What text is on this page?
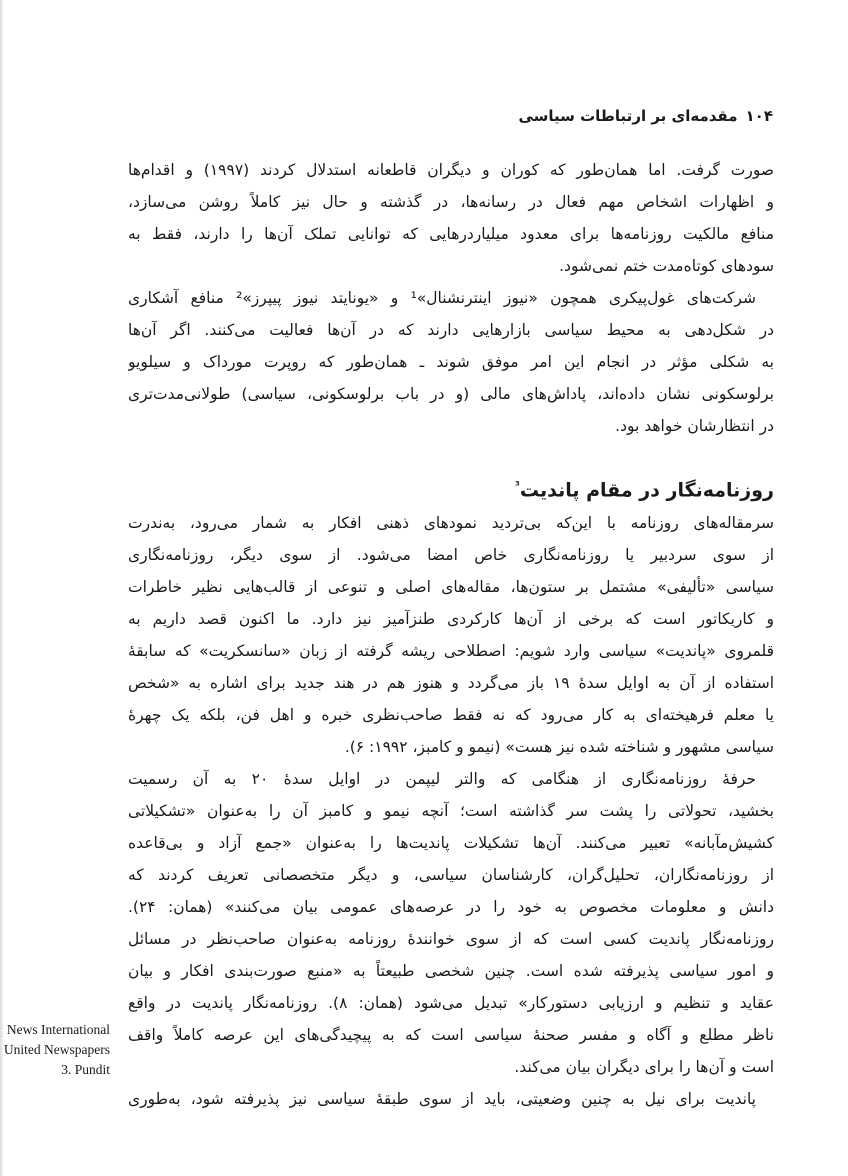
۱۰۴مقدمه‌ای بر ارتباطات سیاسی
صورت گرفت. اما همان‌طور که کوران و دیگران قاطعانه استدلال کردند (۱۹۹۷) و اقدام‌ها
و اظهارات اشخاص مهم فعال در رسانه‌ها، در گذشته و حال نیز کاملاً روشن می‌سازد،
منافع مالکیت روزنامه‌ها برای معدود میلیاردرهایی که توانایی تملک آن‌ها را دارند، فقط به
سودهای کوتاه‌مدت ختم نمی‌شود.
شرکت‌های غول‌پیکری همچون «نیوز اینترنشنال»¹ و «یونایتد نیوز پیپرز»² منافع آشکاری
در شکل‌دهی به محیط سیاسی بازارهایی دارند که در آن‌ها فعالیت می‌کنند. اگر آن‌ها
به شکلی مؤثر در انجام این امر موفق شوند ـ همان‌طور که روپرت مورداک و سیلویو
برلوسکونی نشان داده‌اند، پاداش‌های مالی (و در باب برلوسکونی، سیاسی) طولانی‌مدت‌تری
در انتظارشان خواهد بود.
روزنامه‌نگار در مقام پاندیت$^{^3}$
سرمقاله‌های روزنامه با این‌که بی‌تردید نمودهای ذهنی افکار به شمار می‌رود، به‌ندرت
از سوی سردبیر یا روزنامه‌نگاری خاص امضا می‌شود. از سوی دیگر، روزنامه‌نگاری
سیاسی «تألیفی» مشتمل بر ستون‌ها، مقاله‌های اصلی و تنوعی از قالب‌هایی نظیر خاطرات
و کاریکاتور است که برخی از آن‌ها کارکردی طنزآمیز نیز دارد. ما اکنون قصد داریم به
قلمروی «پاندیت» سیاسی وارد شویم: اصطلاحی ریشه گرفته از زبان «سانسکریت» که سابقهٔ
استفاده از آن به اوایل سدهٔ ۱۹ باز می‌گردد و هنوز هم در هند جدید برای اشاره به «شخص
یا معلم فرهیخته‌ای به کار می‌رود که نه فقط صاحب‌نظری خبره و اهل فن، بلکه یک چهرهٔ
سیاسی مشهور و شناخته شده نیز هست» (نیمو و کامبز، ۱۹۹۲: ۶).
حرفهٔ روزنامه‌نگاری از هنگامی که والتر لیپمن در اوایل سدهٔ ۲۰ به آن رسمیت
بخشید، تحولاتی را پشت سر گذاشته است؛ آنچه نیمو و کامبز آن را به‌عنوان «تشکیلاتی
کشیش‌مآبانه» تعبیر می‌کنند. آن‌ها تشکیلات پاندیت‌ها را به‌عنوان «جمع آزاد و بی‌قاعده
از روزنامه‌نگاران، تحلیل‌گران، کارشناسان سیاسی، و دیگر متخصصانی تعریف کردند که
دانش و معلومات مخصوص به خود را در عرصه‌های عمومی بیان می‌کنند» (همان: ۲۴).
روزنامه‌نگار پاندیت کسی است که از سوی خوانندهٔ روزنامه به‌عنوان صاحب‌نظر در مسائل
و امور سیاسی پذیرفته شده است. چنین شخصی طبیعتاً به «منبع صورت‌بندی افکار و بیان
عقاید و تنظیم و ارزیابی دستورکار» تبدیل می‌شود (همان: ۸). روزنامه‌نگار پاندیت در واقع
ناظر مطلع و آگاه و مفسر صحنهٔ سیاسی است که به پیچیدگی‌های این عرصه کاملاً واقف
است و آن‌ها را برای دیگران بیان می‌کند.
پاندیت برای نیل به چنین وضعیتی، باید از سوی طبقهٔ سیاسی نیز پذیرفته شود، به‌طوری
News International
United Newspapers
3. Pundit
